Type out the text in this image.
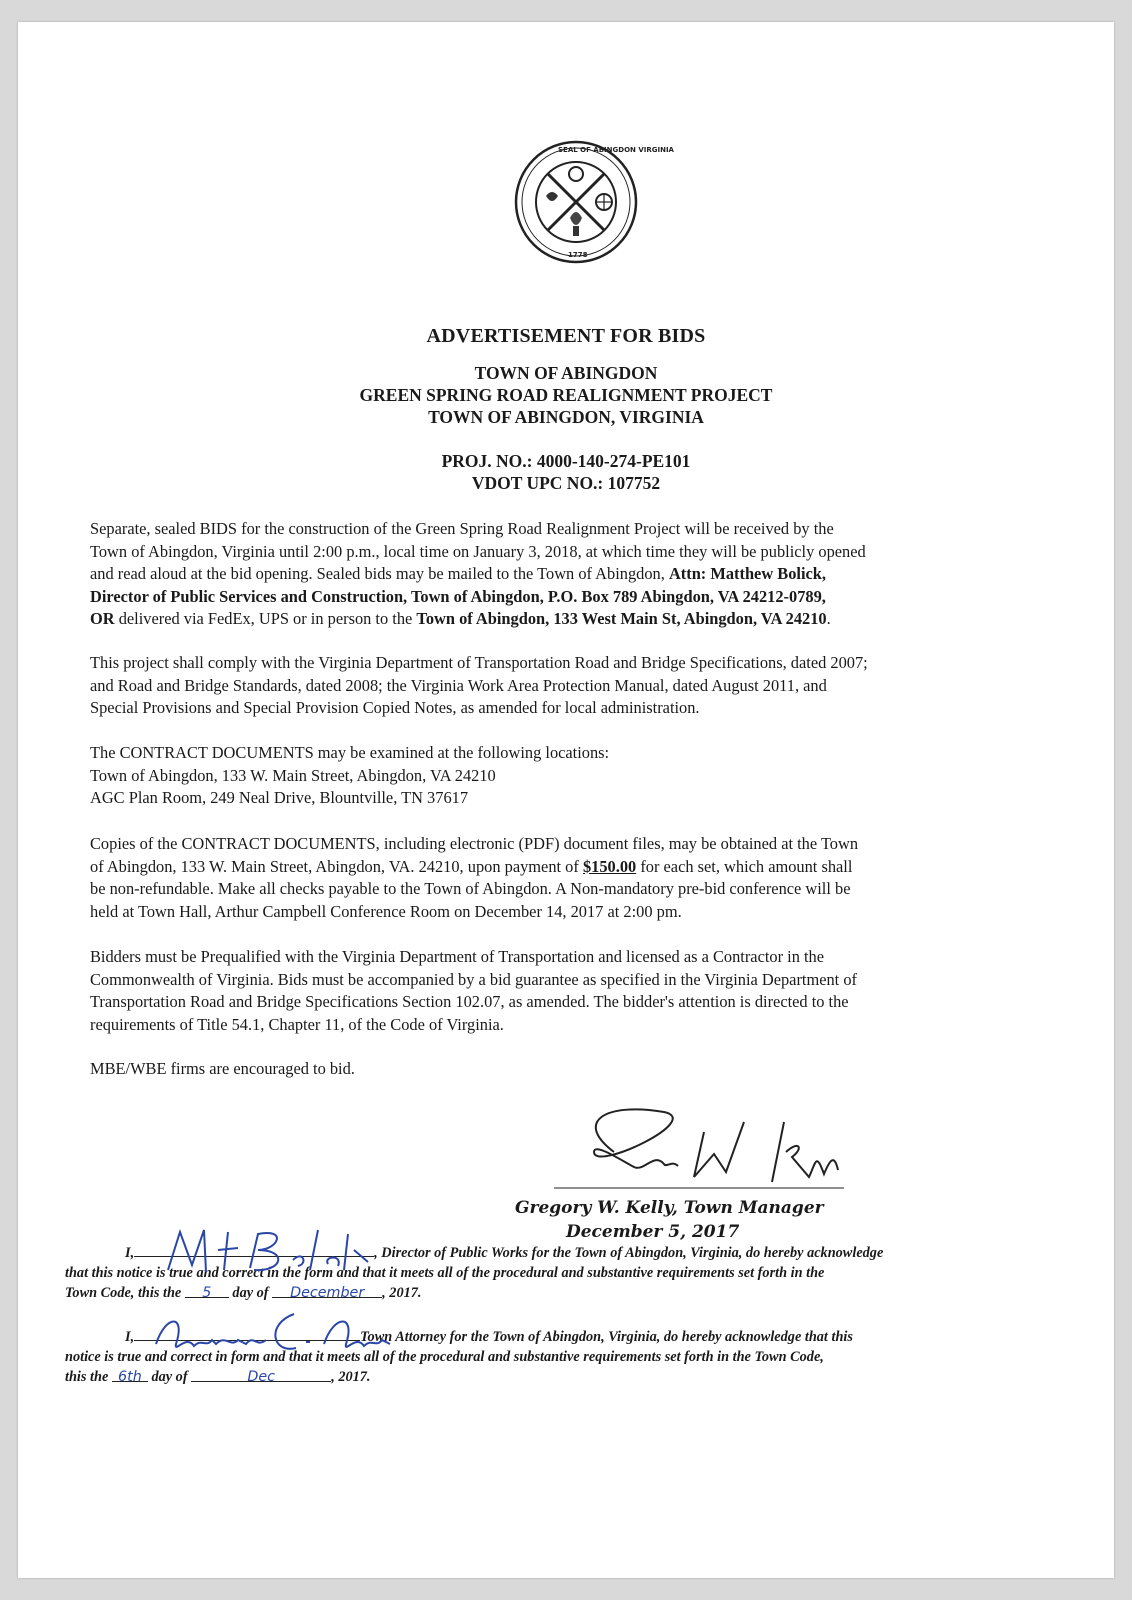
SEAL OF ABINGDON VIRGINIA
1778
ADVERTISEMENT FOR BIDS
TOWN OF ABINGDON
GREEN SPRING ROAD REALIGNMENT PROJECT
TOWN OF ABINGDON, VIRGINIA
PROJ. NO.: 4000-140-274-PE101
VDOT UPC NO.: 107752
Separate, sealed BIDS for the construction of the Green Spring Road Realignment Project will be received by the
Town of Abingdon, Virginia until 2:00 p.m., local time on January 3, 2018, at which time they will be publicly opened
and read aloud at the bid opening. Sealed bids may be mailed to the Town of Abingdon, Attn: Matthew Bolick,
Director of Public Services and Construction, Town of Abingdon, P.O. Box 789 Abingdon, VA 24212-0789,
OR delivered via FedEx, UPS or in person to the Town of Abingdon, 133 West Main St, Abingdon, VA 24210.
This project shall comply with the Virginia Department of Transportation Road and Bridge Specifications, dated 2007;
and Road and Bridge Standards, dated 2008; the Virginia Work Area Protection Manual, dated August 2011, and
Special Provisions and Special Provision Copied Notes, as amended for local administration.
The CONTRACT DOCUMENTS may be examined at the following locations:
Town of Abingdon, 133 W. Main Street, Abingdon, VA 24210
AGC Plan Room, 249 Neal Drive, Blountville, TN 37617
Copies of the CONTRACT DOCUMENTS, including electronic (PDF) document files, may be obtained at the Town
of Abingdon, 133 W. Main Street, Abingdon, VA. 24210, upon payment of $150.00 for each set, which amount shall
be non-refundable. Make all checks payable to the Town of Abingdon. A Non-mandatory pre-bid conference will be
held at Town Hall, Arthur Campbell Conference Room on December 14, 2017 at 2:00 pm.
Bidders must be Prequalified with the Virginia Department of Transportation and licensed as a Contractor in the
Commonwealth of Virginia. Bids must be accompanied by a bid guarantee as specified in the Virginia Department of
Transportation Road and Bridge Specifications Section 102.07, as amended. The bidder's attention is directed to the
requirements of Title 54.1, Chapter 11, of the Code of Virginia.
MBE/WBE firms are encouraged to bid.
Gregory W. Kelly, Town Manager
December 5, 2017
I,	, Director of Public Works for the Town of Abingdon, Virginia, do hereby acknowledge
that this notice is true and correct in the form and that it meets all of the procedural and substantive requirements set forth in the
Town Code, this the 5 day of December , 2017.
I,	Town Attorney for the Town of Abingdon, Virginia, do hereby acknowledge that this
notice is true and correct in form and that it meets all of the procedural and substantive requirements set forth in the Town Code,
this the 6th day of	Dec	, 2017.
